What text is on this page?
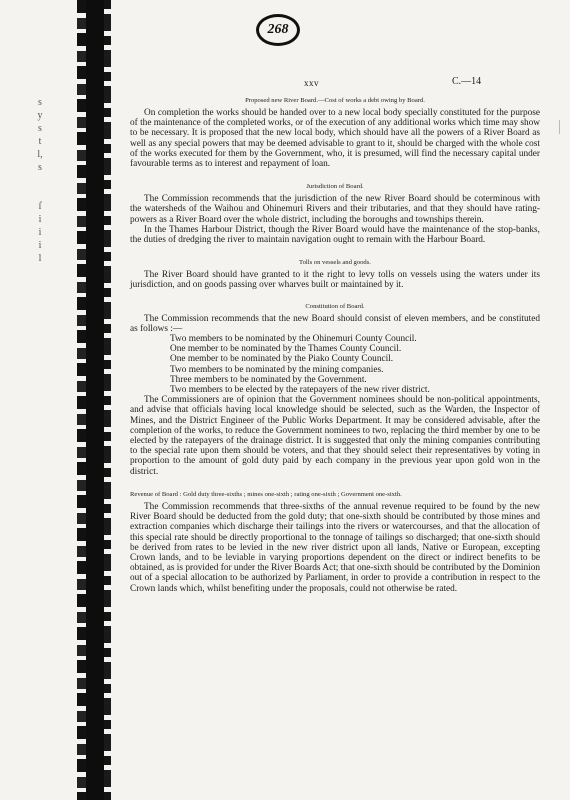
s
y
s
t
l,
s
ſ
i
i
i
l
268
xxv	C.—14
Proposed new River Board.—Cost of works a debt owing by Board.

On completion the works should be handed over to a new local body specially constituted for the purpose of the maintenance of the completed works, or of the execution of any additional works which time may show to be necessary. It is proposed that the new local body, which should have all the powers of a River Board as well as any special powers that may be deemed advisable to grant to it, should be charged with the whole cost of the works executed for them by the Government, who, it is presumed, will find the necessary capital under favourable terms as to interest and repayment of loan.

Jurisdiction of Board.

The Commission recommends that the jurisdiction of the new River Board should be coterminous with the watersheds of the Waihou and Ohinemuri Rivers and their tributaries, and that they should have rating-powers as a River Board over the whole district, including the boroughs and townships therein.

In the Thames Harbour District, though the River Board would have the maintenance of the stop-banks, the duties of dredging the river to maintain navigation ought to remain with the Harbour Board.

Tolls on vessels and goods.

The River Board should have granted to it the right to levy tolls on vessels using the waters under its jurisdiction, and on goods passing over wharves built or maintained by it.

Constitution of Board.

The Commission recommends that the new Board should consist of eleven members, and be constituted as follows :—

Two members to be nominated by the Ohinemuri County Council.
One member to be nominated by the Thames County Council.
One member to be nominated by the Piako County Council.
Two members to be nominated by the mining companies.
Three members to be nominated by the Government.
Two members to be elected by the ratepayers of the new river district.

The Commissioners are of opinion that the Government nominees should be non-political appointments, and advise that officials having local knowledge should be selected, such as the Warden, the Inspector of Mines, and the District Engineer of the Public Works Department. It may be considered advisable, after the completion of the works, to reduce the Government nominees to two, replacing the third member by one to be elected by the ratepayers of the drainage district. It is suggested that only the mining companies contributing to the special rate upon them should be voters, and that they should select their representatives by voting in proportion to the amount of gold duty paid by each company in the previous year upon gold won in the district.

Revenue of Board : Gold duty three-sixths ; mines one-sixth ; rating one-sixth ; Government one-sixth.

The Commission recommends that three-sixths of the annual revenue required to be found by the new River Board should be deducted from the gold duty; that one-sixth should be contributed by those mines and extraction companies which discharge their tailings into the rivers or watercourses, and that the allocation of this special rate should be directly proportional to the tonnage of tailings so discharged; that one-sixth should be derived from rates to be levied in the new river district upon all lands, Native or European, excepting Crown lands, and to be leviable in varying proportions dependent on the direct or indirect benefits to be obtained, as is provided for under the River Boards Act; that one-sixth should be contributed by the Dominion out of a special allocation to be authorized by Parliament, in order to provide a contribution in respect to the Crown lands which, whilst benefiting under the proposals, could not otherwise be rated.
